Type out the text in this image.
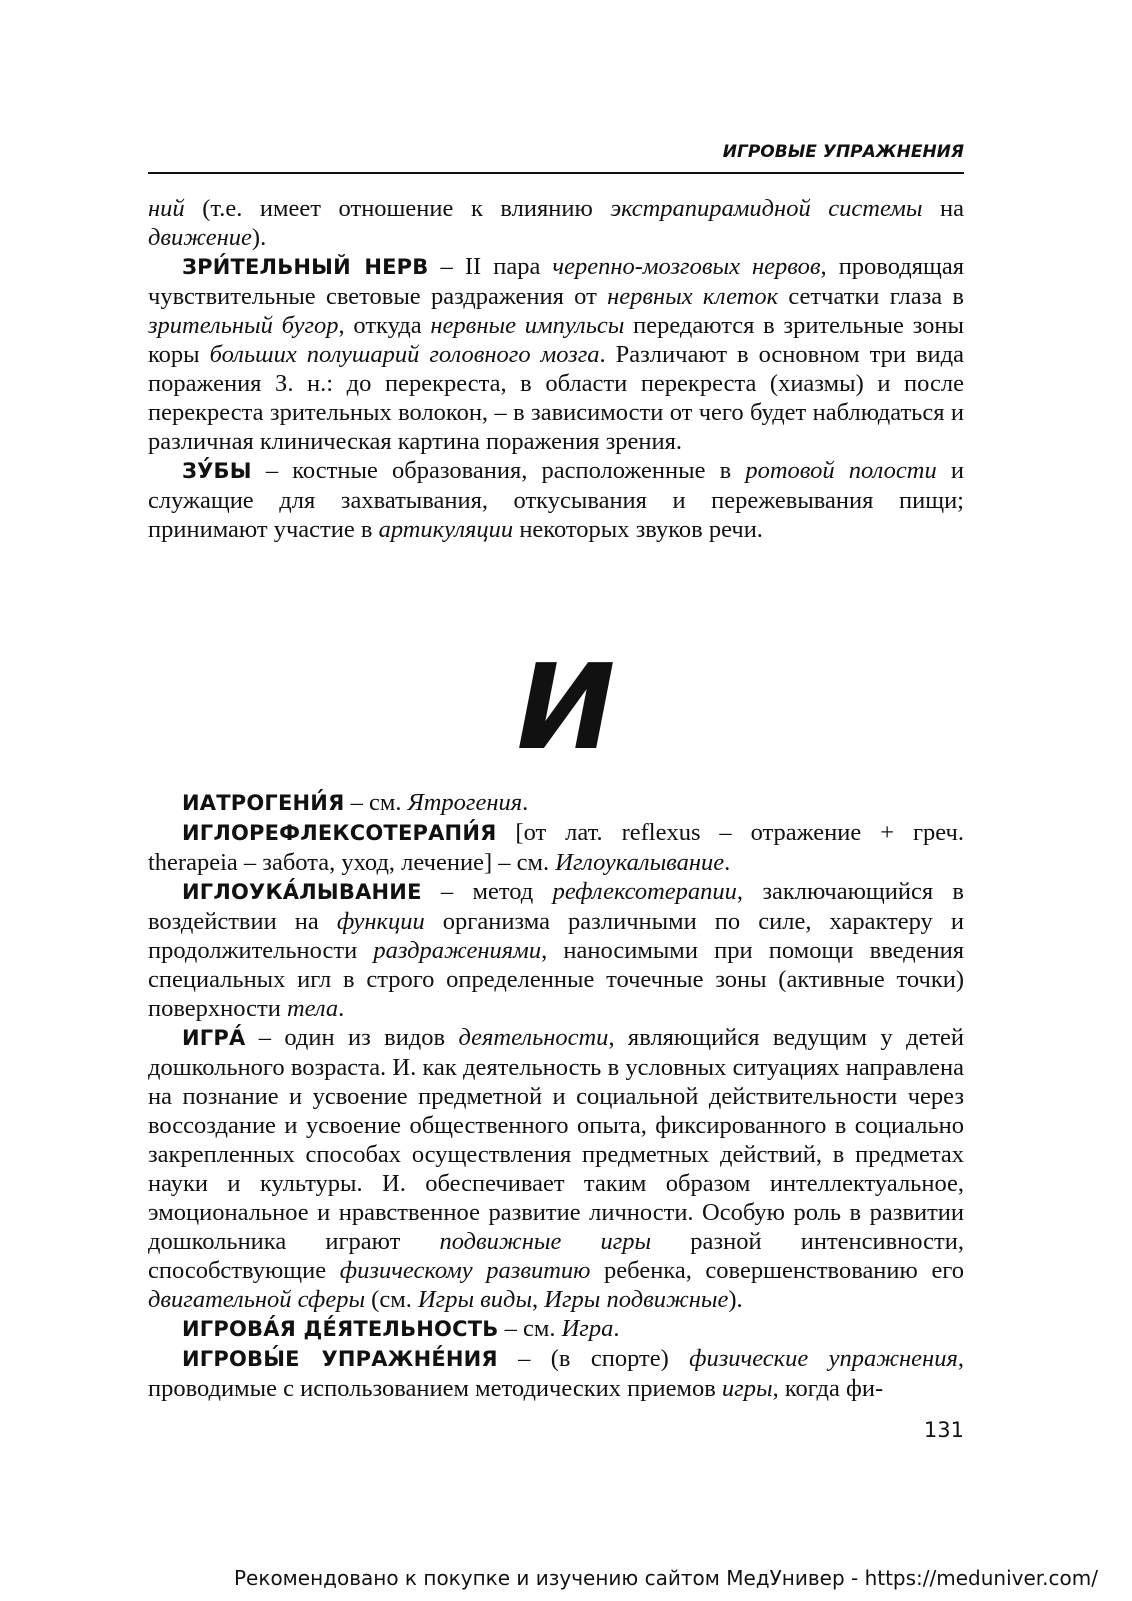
ИГРОВЫЕ УПРАЖНЕНИЯ

ний (т.е. имеет отношение к влиянию экстрапирамидной системы на движение).

ЗРИ́ТЕЛЬНЫЙ НЕРВ – II пара черепно-мозговых нервов, проводящая чувствительные световые раздражения от нервных клеток сетчатки глаза в зрительный бугор, откуда нервные импульсы передаются в зрительные зоны коры больших полушарий головного мозга. Различают в основном три вида поражения З. н.: до перекреста, в области перекреста (хиазмы) и после перекреста зрительных волокон, – в зависимости от чего будет наблюдаться и различная клиническая картина поражения зрения.

ЗУ́БЫ – костные образования, расположенные в ротовой полости и служащие для захватывания, откусывания и пережевывания пищи; принимают участие в артикуляции некоторых звуков речи.

И

ИАТРОГЕНИ́Я – см. Ятрогения.

ИГЛОРЕФЛЕКСОТЕРАПИ́Я [от лат. reflexus – отражение + греч. therapeia – забота, уход, лечение] – см. Иглоукалывание.

ИГЛОУКА́ЛЫВАНИЕ – метод рефлексотерапии, заключающийся в воздействии на функции организма различными по силе, характеру и продолжительности раздражениями, наносимыми при помощи введения специальных игл в строго определенные точечные зоны (активные точки) поверхности тела.

ИГРА́ – один из видов деятельности, являющийся ведущим у детей дошкольного возраста. И. как деятельность в условных ситуациях направлена на познание и усвоение предметной и социальной действительности через воссоздание и усвоение общественного опыта, фиксированного в социально закрепленных способах осуществления предметных действий, в предметах науки и культуры. И. обеспечивает таким образом интеллектуальное, эмоциональное и нравственное развитие личности. Особую роль в развитии дошкольника играют подвижные игры разной интенсивности, способствующие физическому развитию ребенка, совершенствованию его двигательной сферы (см. Игры виды, Игры подвижные).

ИГРОВА́Я ДЕ́ЯТЕЛЬНОСТЬ – см. Игра.

ИГРОВЫ́Е УПРАЖНЕ́НИЯ – (в спорте) физические упражнения, проводимые с использованием методических приемов игры, когда фи-

131
Рекомендовано к покупке и изучению сайтом МедУнивер - https://meduniver.com/
